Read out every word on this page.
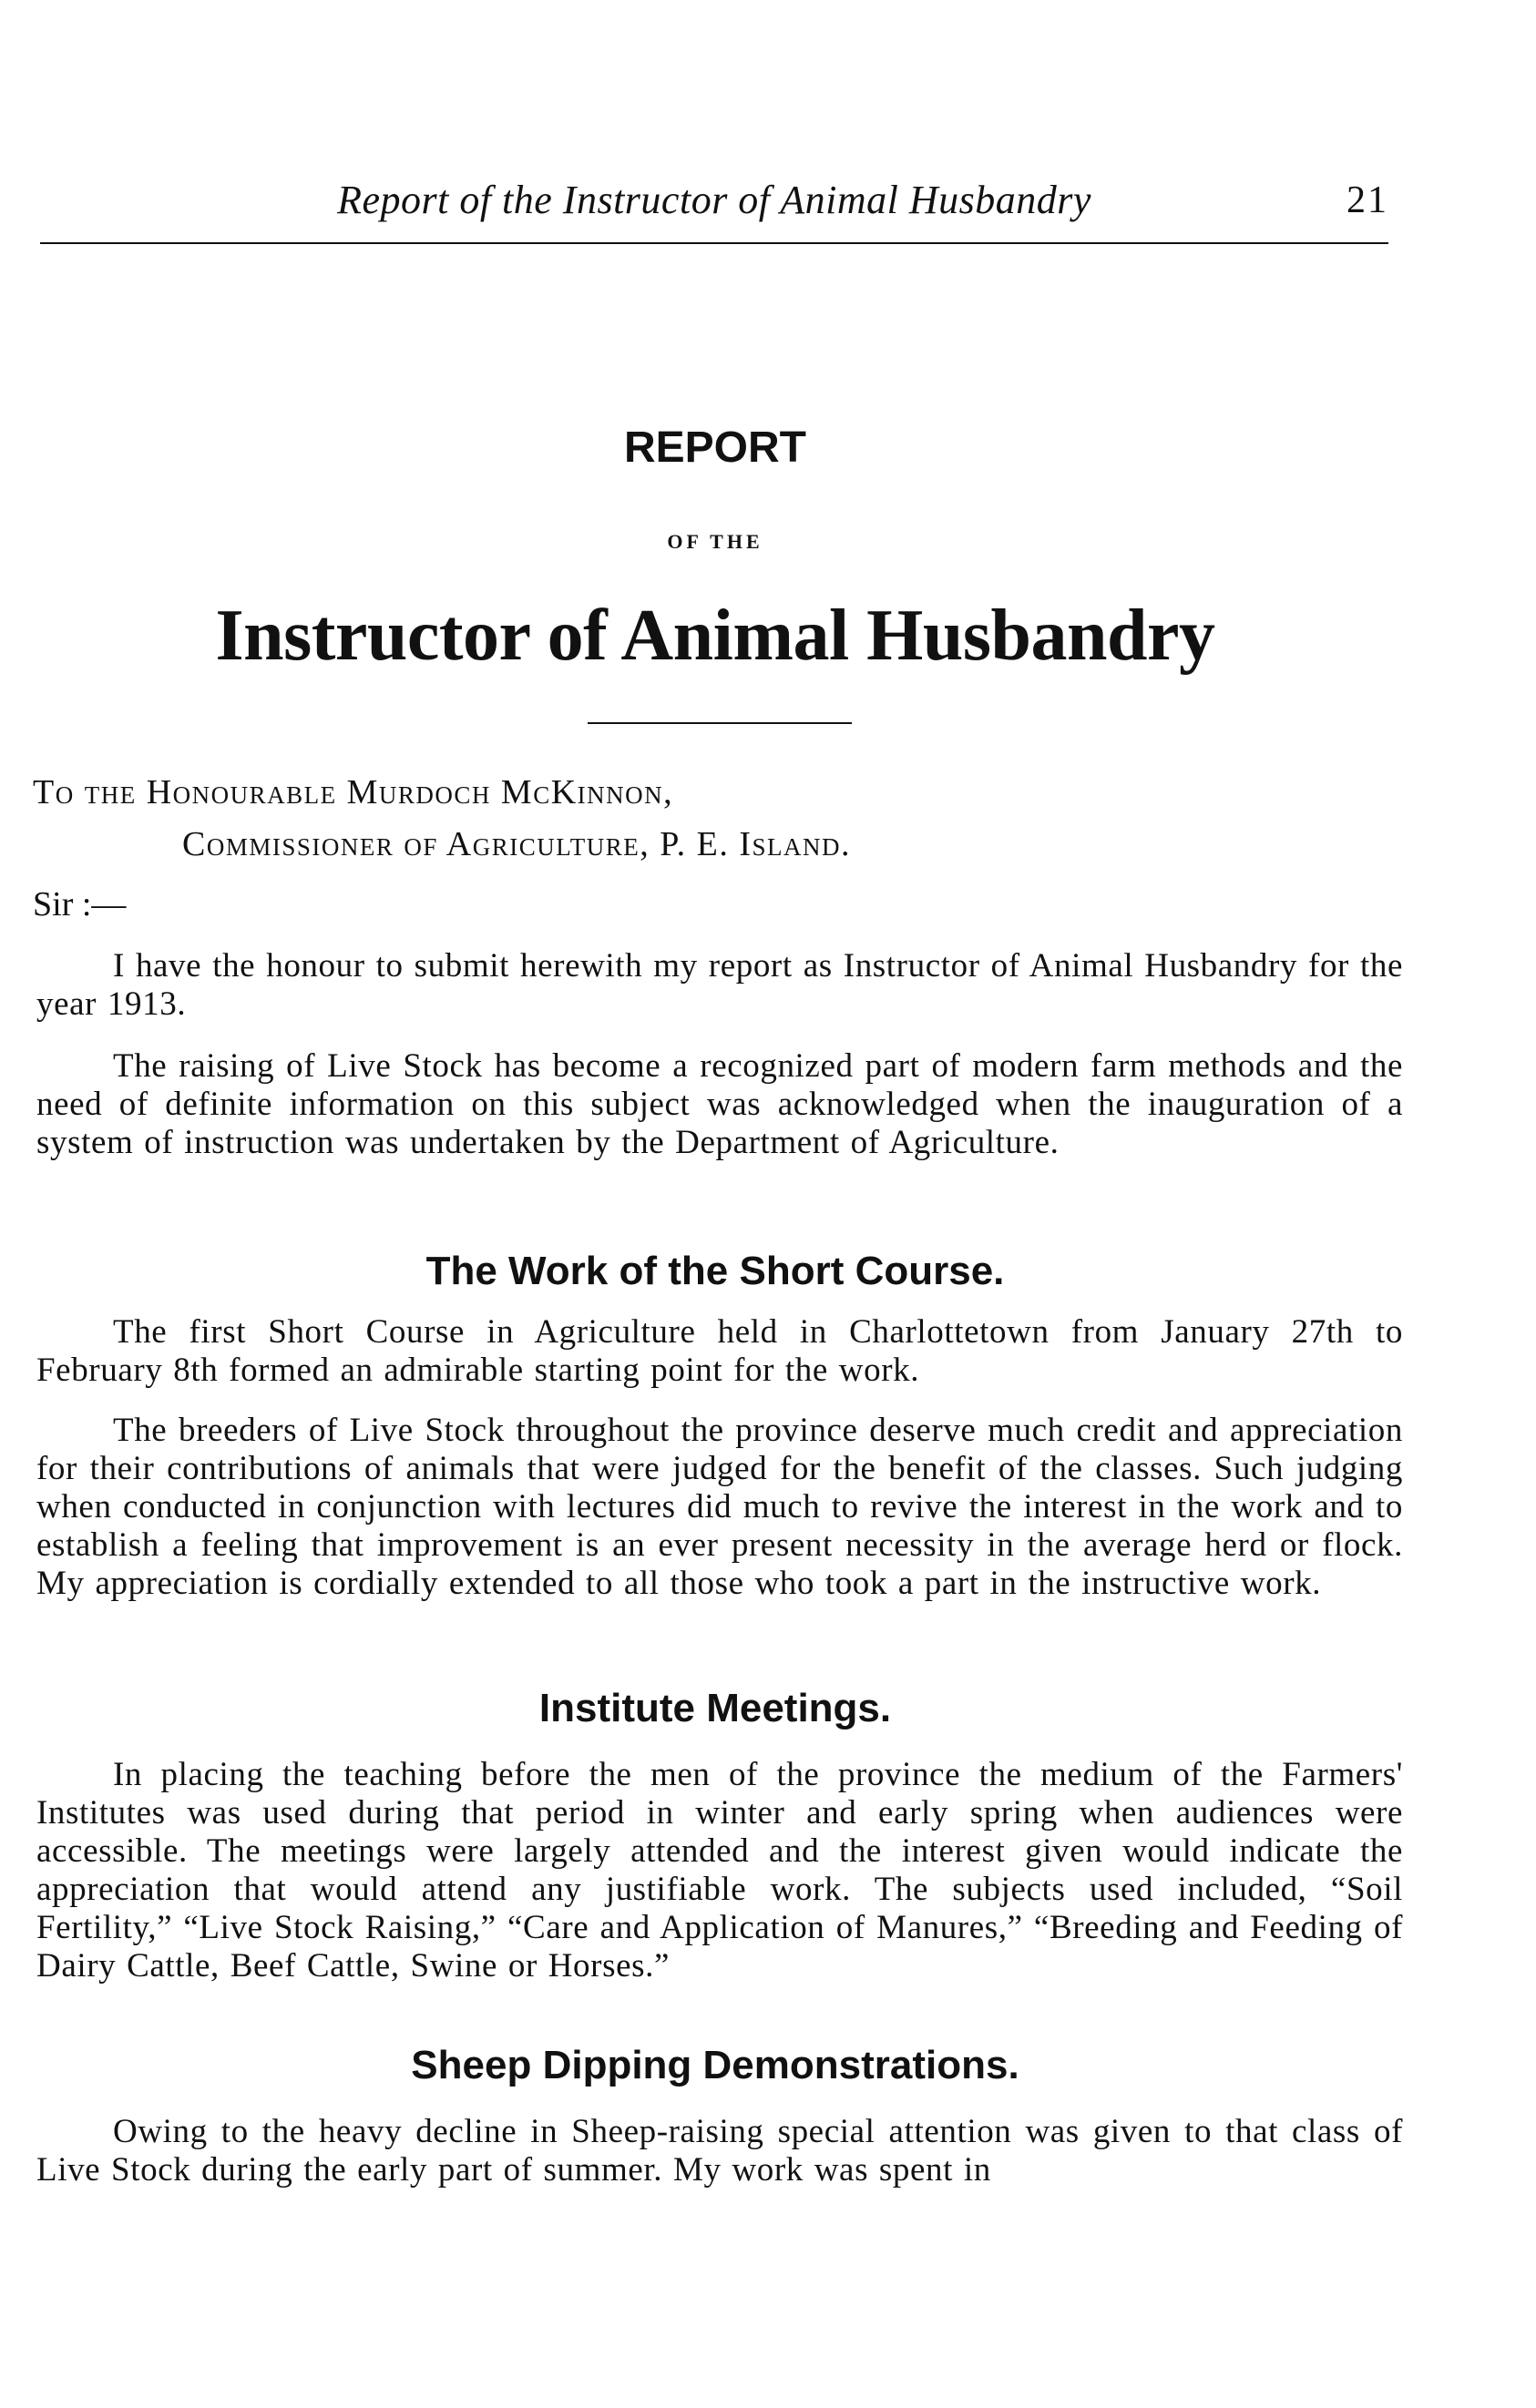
Report of the Instructor of Animal Husbandry	21
REPORT
OF THE
Instructor of Animal Husbandry
To the Honourable Murdoch McKinnon,
Commissioner of Agriculture, P. E. Island.
Sir :—

I have the honour to submit herewith my report as Instructor of Animal Husbandry for the year 1913.

The raising of Live Stock has become a recognized part of modern farm methods and the need of definite information on this subject was acknowledged when the inauguration of a system of instruction was undertaken by the Department of Agriculture.

The Work of the Short Course.

The first Short Course in Agriculture held in Charlottetown from January 27th to February 8th formed an admirable starting point for the work.

The breeders of Live Stock throughout the province deserve much credit and appreciation for their contributions of animals that were judged for the benefit of the classes. Such judging when conducted in conjunction with lectures did much to revive the interest in the work and to establish a feeling that improvement is an ever present necessity in the average herd or flock. My appreciation is cordially extended to all those who took a part in the instructive work.

Institute Meetings.

In placing the teaching before the men of the province the medium of the Farmers' Institutes was used during that period in winter and early spring when audiences were accessible. The meetings were largely attended and the interest given would indicate the appreciation that would attend any justifiable work. The subjects used included, “Soil Fertility,” “Live Stock Raising,” “Care and Application of Manures,” “Breeding and Feeding of Dairy Cattle, Beef Cattle, Swine or Horses.”

Sheep Dipping Demonstrations.

Owing to the heavy decline in Sheep-raising special attention was given to that class of Live Stock during the early part of summer. My work was spent in
